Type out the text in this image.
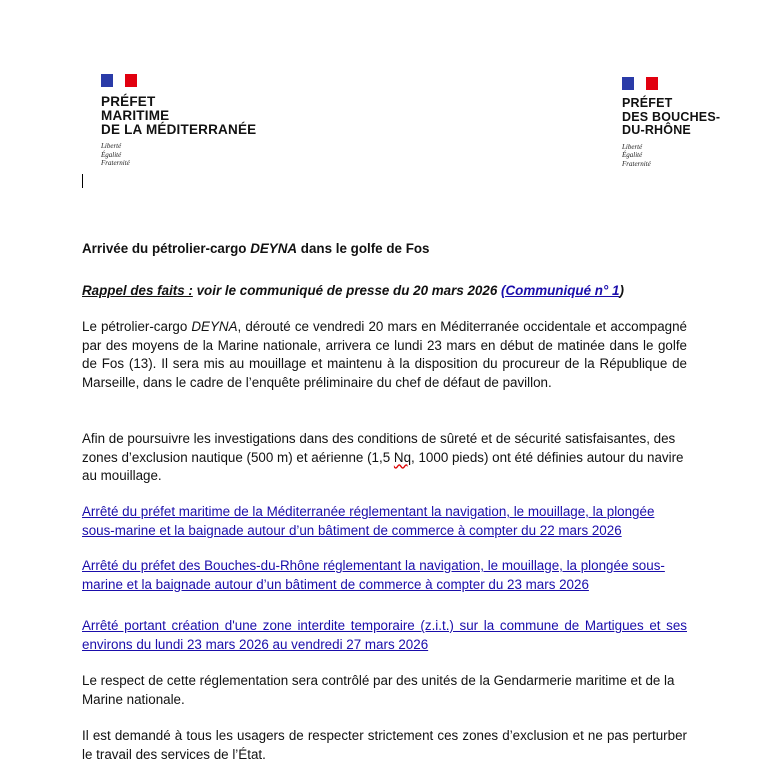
PRÉFET
MARITIME
DE LA MÉDITERRANÉE
Liberté
Égalité
Fraternité
PRÉFET
DES BOUCHES-
DU-RHÔNE
Liberté
Égalité
Fraternité

Arrivée du pétrolier-cargo DEYNA dans le golfe de Fos

Rappel des faits : voir le communiqué de presse du 20 mars 2026 (Communiqué n° 1)

Le pétrolier-cargo DEYNA, dérouté ce vendredi 20 mars en Méditerranée occidentale et accompagné par des moyens de la Marine nationale, arrivera ce lundi 23 mars en début de matinée dans le golfe de Fos (13). Il sera mis au mouillage et maintenu à la disposition du procureur de la République de Marseille, dans le cadre de l’enquête préliminaire du chef de défaut de pavillon.

Afin de poursuivre les investigations dans des conditions de sûreté et de sécurité satisfaisantes, des zones d’exclusion nautique (500 m) et aérienne (1,5 Nq, 1000 pieds) ont été définies autour du navire au mouillage.

Arrêté du préfet maritime de la Méditerranée réglementant la navigation, le mouillage, la plongée sous-marine et la baignade autour d’un bâtiment de commerce à compter du 22 mars 2026

Arrêté du préfet des Bouches-du-Rhône réglementant la navigation, le mouillage, la plongée sous-marine et la baignade autour d’un bâtiment de commerce à compter du 23 mars 2026

Arrêté portant création d'une zone interdite temporaire (z.i.t.) sur la commune de Martigues et ses environs du lundi 23 mars 2026 au vendredi 27 mars 2026

Le respect de cette réglementation sera contrôlé par des unités de la Gendarmerie maritime et de la Marine nationale.

Il est demandé à tous les usagers de respecter strictement ces zones d’exclusion et ne pas perturber le travail des services de l’État.
